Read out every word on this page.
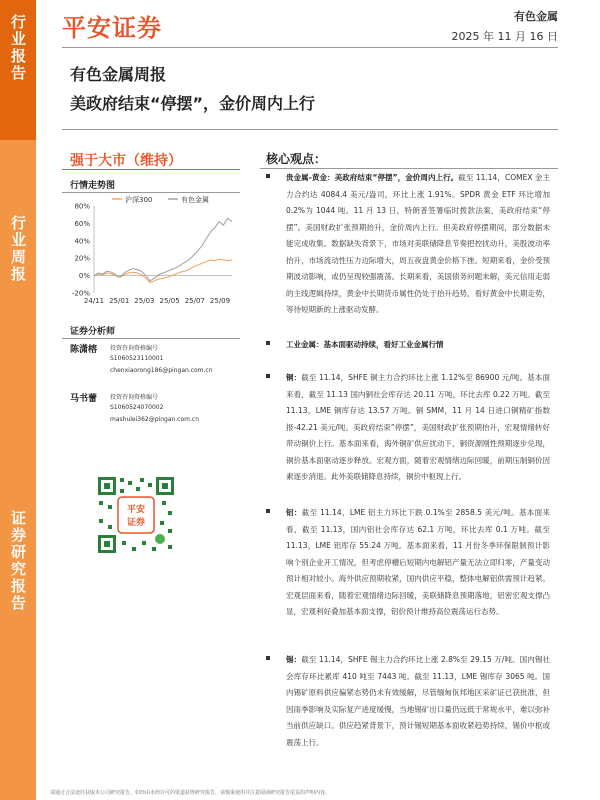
行业报告
行业周报
证券研究报告
平安证券	有色金属
2025 年 11 月 16 日
有色金属周报
美政府结束“停摆”，金价周内上行
强于大市（维持）
行情走势图
80%
60%
40%
20%
0%
-20%
24/11 25/01 25/03 25/05 25/07 25/09
沪深300	有色金属
证券分析师
陈潇榕 投资咨询资格编号
S1060523110001
chenxiaorong186@pingan.com.cn
马书蕾 投资咨询资格编号
S1060524070002
mashulei362@pingan.com.cn
平安
证券
核心观点：
贵金属-黄金：美政府结束“停摆”，金价周内上行。截至 11.14，COMEX 金主力合约达 4084.4 美元/盎司，环比上涨 1.91%。SPDR 黄金 ETF 环比增加 0.2%为 1044 吨。11 月 13 日，特朗普签署临时拨款法案，美政府结束“停摆”。美国财政扩张预期抬升，金价周内上行。但美政府停摆期间，部分数据未能完成收集。数据缺失背景下，市场对美联储降息节奏把控扰动升，美股波动率抬升，市场流动性压力边际增大，周五夜盘黄金价格下挫。短期来看，金价受预期波动影响，或仍呈现较强震荡。长期来看，美国债务问题未解，美元信用走弱的主线逻辑持续，黄金中长期货币属性仍处于抬升趋势，看好黄金中长期走势，等待短期新的上涨驱动发酵。
工业金属：基本面驱动持续，看好工业金属行情
铜：截至 11.14，SHFE 铜主力合约环比上涨 1.12%至 86900 元/吨。基本面来看，截至 11.13 国内铜社会库存达 20.11 万吨，环比去库 0.22 万吨。截至 11.13，LME 铜库存达 13.57 万吨。铜 SMM，11 月 14 日进口铜精矿指数报-42.21 美元/吨。美政府结束“停摆”，美国财政扩张预期抬升，宏观情绪转好带动铜价上行。基本面来看，海外铜矿供应扰动下，铜资源刚性预期逐步兑现，铜价基本面驱动逐步释放。宏观方面，随着宏观情绪边际回暖，前期压制铜价因素逐步消退。此外美联储降息持续，铜价中枢现上行。
铝：截至 11.14，LME 铝主力环比下跌 0.1%至 2858.5 美元/吨。基本面来看，截至 11.13，国内铝社会库存达 62.1 万吨，环比去库 0.1 万吨。截至 11.13，LME 铝库存 55.24 万吨。基本面来看，11 月份冬季环保限制预计影响个别企业开工情况，但考虑停槽后短期内电解铝产量无法立即归零，产量变动预计相对较小。海外供应预期收紧，国内供应平稳，整体电解铝供需预计趋紧。宏观层面来看，随着宏观情绪边际回暖，美联储降息预期落地，铝密宏观支撑凸显，宏观利好叠加基本面支撑，铝价预计维持高位震荡运行态势。
锡：截至 11.14，SHFE 锡主力合约环比上涨 2.8%至 29.15 万/吨。国内锡社会库存环比累库 410 吨至 7443 吨。截至 11.13，LME 锡库存 3065 吨。国内锡矿原料供应偏紧态势仍未有效缓解，尽管缅甸佤邦地区采矿证已获批准，但因雨季影响及实际复产进度缓慢，当地锡矿出口量仍远低于常规水平，难以弥补当前供应缺口。供应趋紧背景下，预计锡短期基本面收紧趋势持续，锡价中枢或震荡上行。
请通过合法途径获取本公司研究报告，如经由未经许可的渠道获得研究报告，请慎重使用并注意阅读研究报告尾页的声明内容。
